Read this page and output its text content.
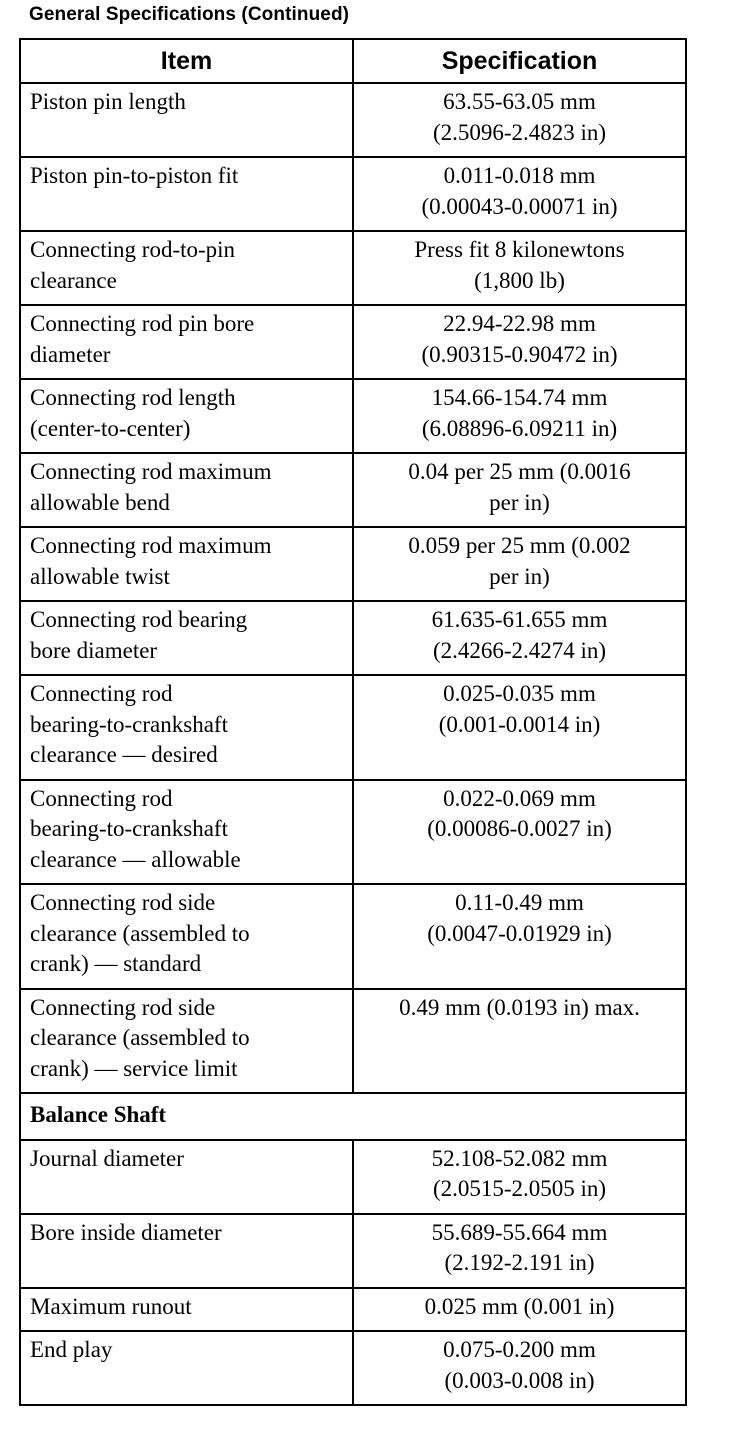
General Specifications (Continued)
Item	Specification
Piston pin length	63.55-63.05 mm
(2.5096-2.4823 in)
Piston pin-to-piston fit	0.011-0.018 mm
(0.00043-0.00071 in)
Connecting rod-to-pin
clearance	Press fit 8 kilonewtons
(1,800 lb)
Connecting rod pin bore
diameter	22.94-22.98 mm
(0.90315-0.90472 in)
Connecting rod length
(center-to-center)	154.66-154.74 mm
(6.08896-6.09211 in)
Connecting rod maximum
allowable bend	0.04 per 25 mm (0.0016
per in)
Connecting rod maximum
allowable twist	0.059 per 25 mm (0.002
per in)
Connecting rod bearing
bore diameter	61.635-61.655 mm
(2.4266-2.4274 in)
Connecting rod
bearing-to-crankshaft
clearance — desired	0.025-0.035 mm
(0.001-0.0014 in)
Connecting rod
bearing-to-crankshaft
clearance — allowable	0.022-0.069 mm
(0.00086-0.0027 in)
Connecting rod side
clearance (assembled to
crank) — standard	0.11-0.49 mm
(0.0047-0.01929 in)
Connecting rod side
clearance (assembled to
crank) — service limit	0.49 mm (0.0193 in) max.
Balance Shaft	
Journal diameter	52.108-52.082 mm
(2.0515-2.0505 in)
Bore inside diameter	55.689-55.664 mm
(2.192-2.191 in)
Maximum runout	0.025 mm (0.001 in)
End play	0.075-0.200 mm
(0.003-0.008 in)
